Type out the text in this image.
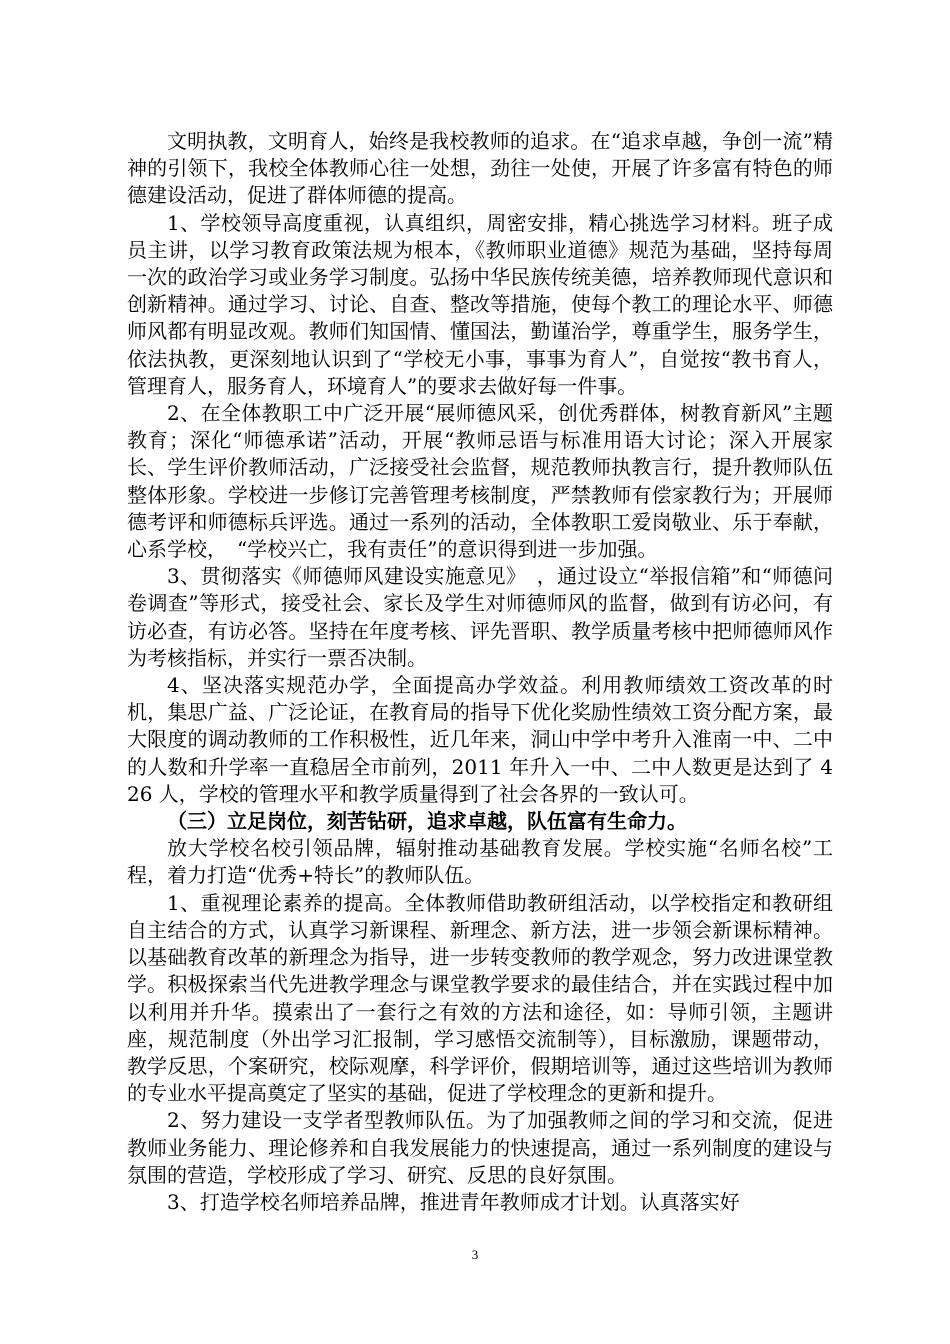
文明执教，文明育人，始终是我校教师的追求。在“追求卓越，争创一流”精神的引领下，我校全体教师心往一处想，劲往一处使，开展了许多富有特色的师德建设活动，促进了群体师德的提高。

1、学校领导高度重视，认真组织，周密安排，精心挑选学习材料。班子成员主讲，以学习教育政策法规为根本，《教师职业道德》规范为基础，坚持每周一次的政治学习或业务学习制度。弘扬中华民族传统美德，培养教师现代意识和创新精神。通过学习、讨论、自查、整改等措施，使每个教工的理论水平、师德师风都有明显改观。教师们知国情、懂国法，勤谨治学，尊重学生，服务学生，依法执教，更深刻地认识到了“学校无小事，事事为育人”，自觉按“教书育人，管理育人，服务育人，环境育人”的要求去做好每一件事。

2、在全体教职工中广泛开展“展师德风采，创优秀群体，树教育新风”主题教育；深化“师德承诺”活动，开展“教师忌语与标准用语大讨论；深入开展家长、学生评价教师活动，广泛接受社会监督，规范教师执教言行，提升教师队伍整体形象。学校进一步修订完善管理考核制度，严禁教师有偿家教行为；开展师德考评和师德标兵评选。通过一系列的活动，全体教职工爱岗敬业、乐于奉献，心系学校，　“学校兴亡，我有责任”的意识得到进一步加强。

3、贯彻落实《师德师风建设实施意见》　，通过设立“举报信箱”和“师德问卷调查”等形式，接受社会、家长及学生对师德师风的监督，做到有访必问，有访必查，有访必答。坚持在年度考核、评先晋职、教学质量考核中把师德师风作为考核指标，并实行一票否决制。

4、坚决落实规范办学，全面提高办学效益。利用教师绩效工资改革的时机，集思广益、广泛论证，在教育局的指导下优化奖励性绩效工资分配方案，最大限度的调动教师的工作积极性，近几年来，洞山中学中考升入淮南一中、二中的人数和升学率一直稳居全市前列，2011 年升入一中、二中人数更是达到了 426 人，学校的管理水平和教学质量得到了社会各界的一致认可。

（三）立足岗位，刻苦钻研，追求卓越，队伍富有生命力。

放大学校名校引领品牌，辐射推动基础教育发展。学校实施“名师名校”工程，着力打造“优秀+特长”的教师队伍。

1、重视理论素养的提高。全体教师借助教研组活动，以学校指定和教研组自主结合的方式，认真学习新课程、新理念、新方法，进一步领会新课标精神。以基础教育改革的新理念为指导，进一步转变教师的教学观念，努力改进课堂教学。积极探索当代先进教学理念与课堂教学要求的最佳结合，并在实践过程中加以利用并升华。摸索出了一套行之有效的方法和途径，如：导师引领，主题讲座，规范制度（外出学习汇报制，学习感悟交流制等），目标激励，课题带动，教学反思，个案研究，校际观摩，科学评价，假期培训等，通过这些培训为教师的专业水平提高奠定了坚实的基础，促进了学校理念的更新和提升。

2、努力建设一支学者型教师队伍。为了加强教师之间的学习和交流，促进教师业务能力、理论修养和自我发展能力的快速提高，通过一系列制度的建设与氛围的营造，学校形成了学习、研究、反思的良好氛围。

3、打造学校名师培养品牌，推进青年教师成才计划。认真落实好

3
